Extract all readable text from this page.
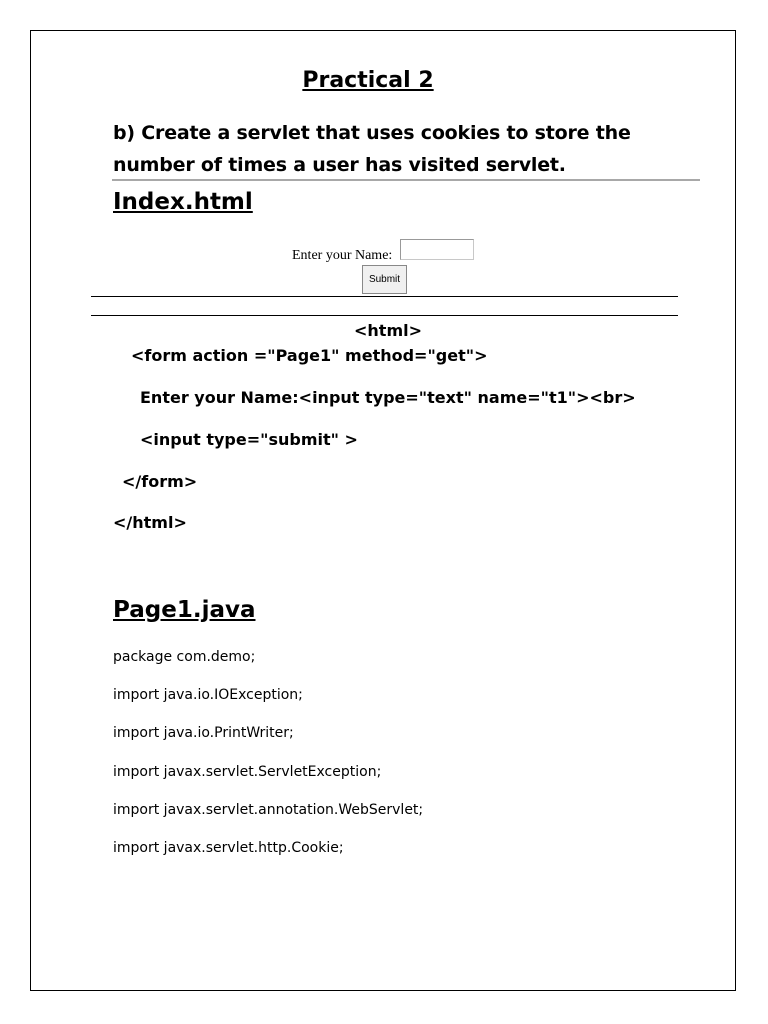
Practical 2
b) Create a servlet that uses cookies to store the number of times a user has visited servlet.
Index.html
Enter your Name:
Submit
<html>
<form action ="Page1" method="get">
Enter your Name:<input type="text" name="t1"><br>
<input type="submit" >
</form>
</html>
Page1.java
package com.demo;
import java.io.IOException;
import java.io.PrintWriter;
import javax.servlet.ServletException;
import javax.servlet.annotation.WebServlet;
import javax.servlet.http.Cookie;
